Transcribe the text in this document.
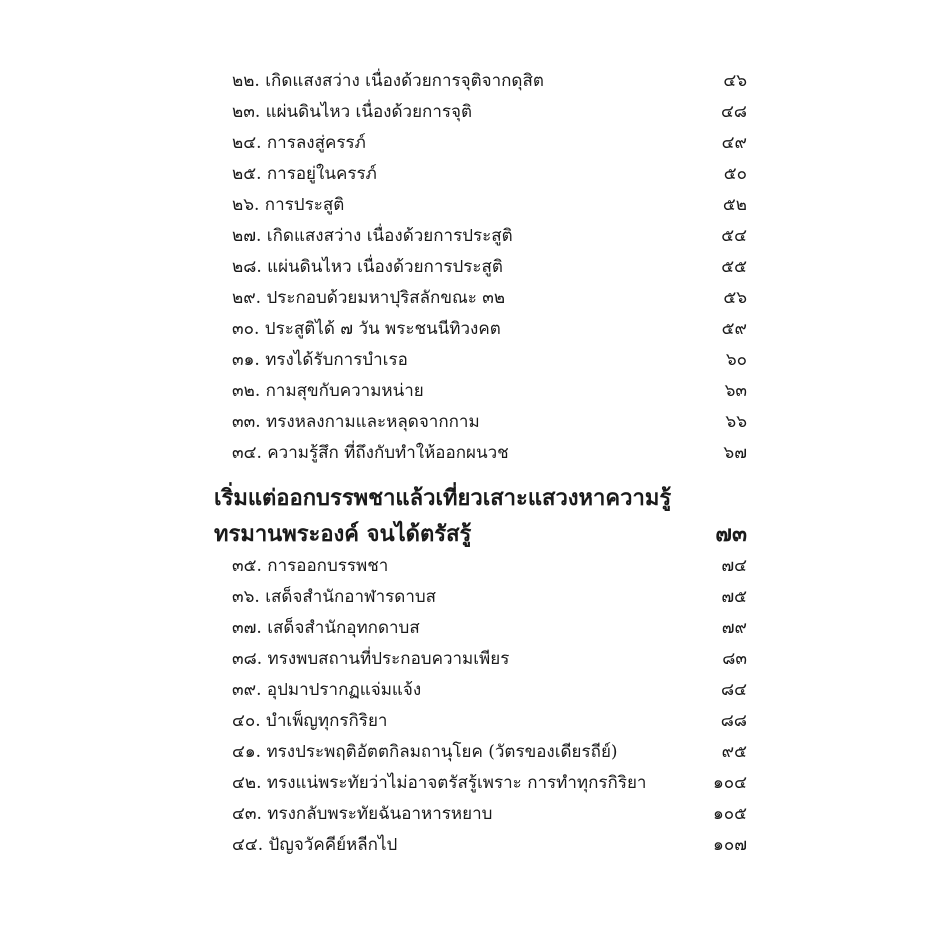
๒๒. เกิดแสงสว่าง เนื่องด้วยการจุติจากดุสิต	๔๖
๒๓. แผ่นดินไหว เนื่องด้วยการจุติ	๔๘
๒๔. การลงสู่ครรภ์	๔๙
๒๕. การอยู่ในครรภ์	๕๐
๒๖. การประสูติ	๕๒
๒๗. เกิดแสงสว่าง เนื่องด้วยการประสูติ	๕๔
๒๘. แผ่นดินไหว เนื่องด้วยการประสูติ	๕๕
๒๙. ประกอบด้วยมหาปุริสลักขณะ ๓๒	๕๖
๓๐. ประสูติได้ ๗ วัน พระชนนีทิวงคต	๕๙
๓๑. ทรงได้รับการบำเรอ	๖๐
๓๒. กามสุขกับความหน่าย	๖๓
๓๓. ทรงหลงกามและหลุดจากกาม	๖๖
๓๔. ความรู้สึก ที่ถึงกับทำให้ออกผนวช	๖๗
เริ่มแต่ออกบรรพชาแล้วเที่ยวเสาะแสวงหาความรู้
ทรมานพระองค์ จนได้ตรัสรู้	๗๓
๓๕. การออกบรรพชา	๗๔
๓๖. เสด็จสำนักอาฬารดาบส	๗๕
๓๗. เสด็จสำนักอุทกดาบส	๗๙
๓๘. ทรงพบสถานที่ประกอบความเพียร	๘๓
๓๙. อุปมาปรากฏแจ่มแจ้ง	๘๔
๔๐. บำเพ็ญทุกรกิริยา	๘๘
๔๑. ทรงประพฤติอัตตกิลมถานุโยค (วัตรของเดียรถีย์)	๙๕
๔๒. ทรงแน่พระทัยว่าไม่อาจตรัสรู้เพราะ การทำทุกรกิริยา	๑๐๔
๔๓. ทรงกลับพระทัยฉันอาหารหยาบ	๑๐๕
๔๔. ปัญจวัคคีย์หลีกไป	๑๐๗
